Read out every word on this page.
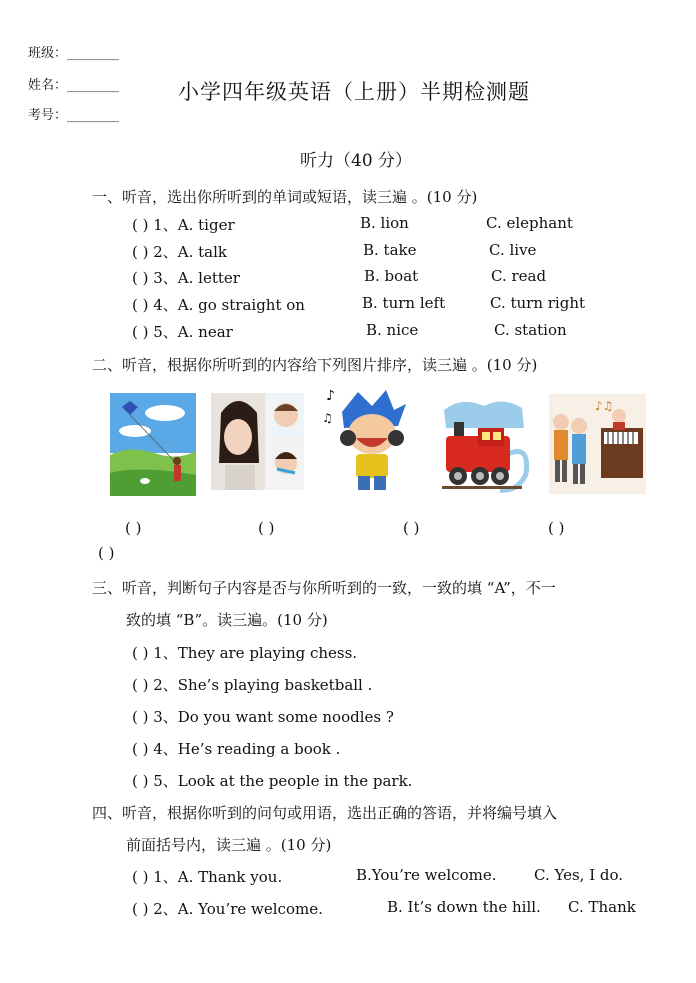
班级：________
姓名：________
考号：________
小学四年级英语（上册）半期检测题
听力（40 分）
一、听音，选出你所听到的单词或短语，读三遍 。(10 分)
( ) 1、A. tiger	B. lion	C. elephant
( ) 2、A. talk	B. take	C. live
( ) 3、A. letter	B. boat	C. read
( ) 4、A. go straight on	B. turn left	C. turn right
( ) 5、A. near	B. nice	C. station
二、听音，根据你所听到的内容给下列图片排序，读三遍 。(10 分)
♪
♫
♪♫
( )	( )	( )	( )
( )
三、听音，判断句子内容是否与你所听到的一致，一致的填 “A”，不一
致的填 “B”。读三遍。(10 分)
( ) 1、They are playing chess.
( ) 2、She’s playing basketball .
( ) 3、Do you want some noodles ?
( ) 4、He’s reading a book .
( ) 5、Look at the people in the park.
四、听音，根据你听到的问句或用语，选出正确的答语，并将编号填入
前面括号内，读三遍 。(10 分)
( ) 1、A. Thank you.	B.You’re welcome.	C. Yes, I do.
( ) 2、A. You’re welcome.	B. It’s down the hill. C. Thank
